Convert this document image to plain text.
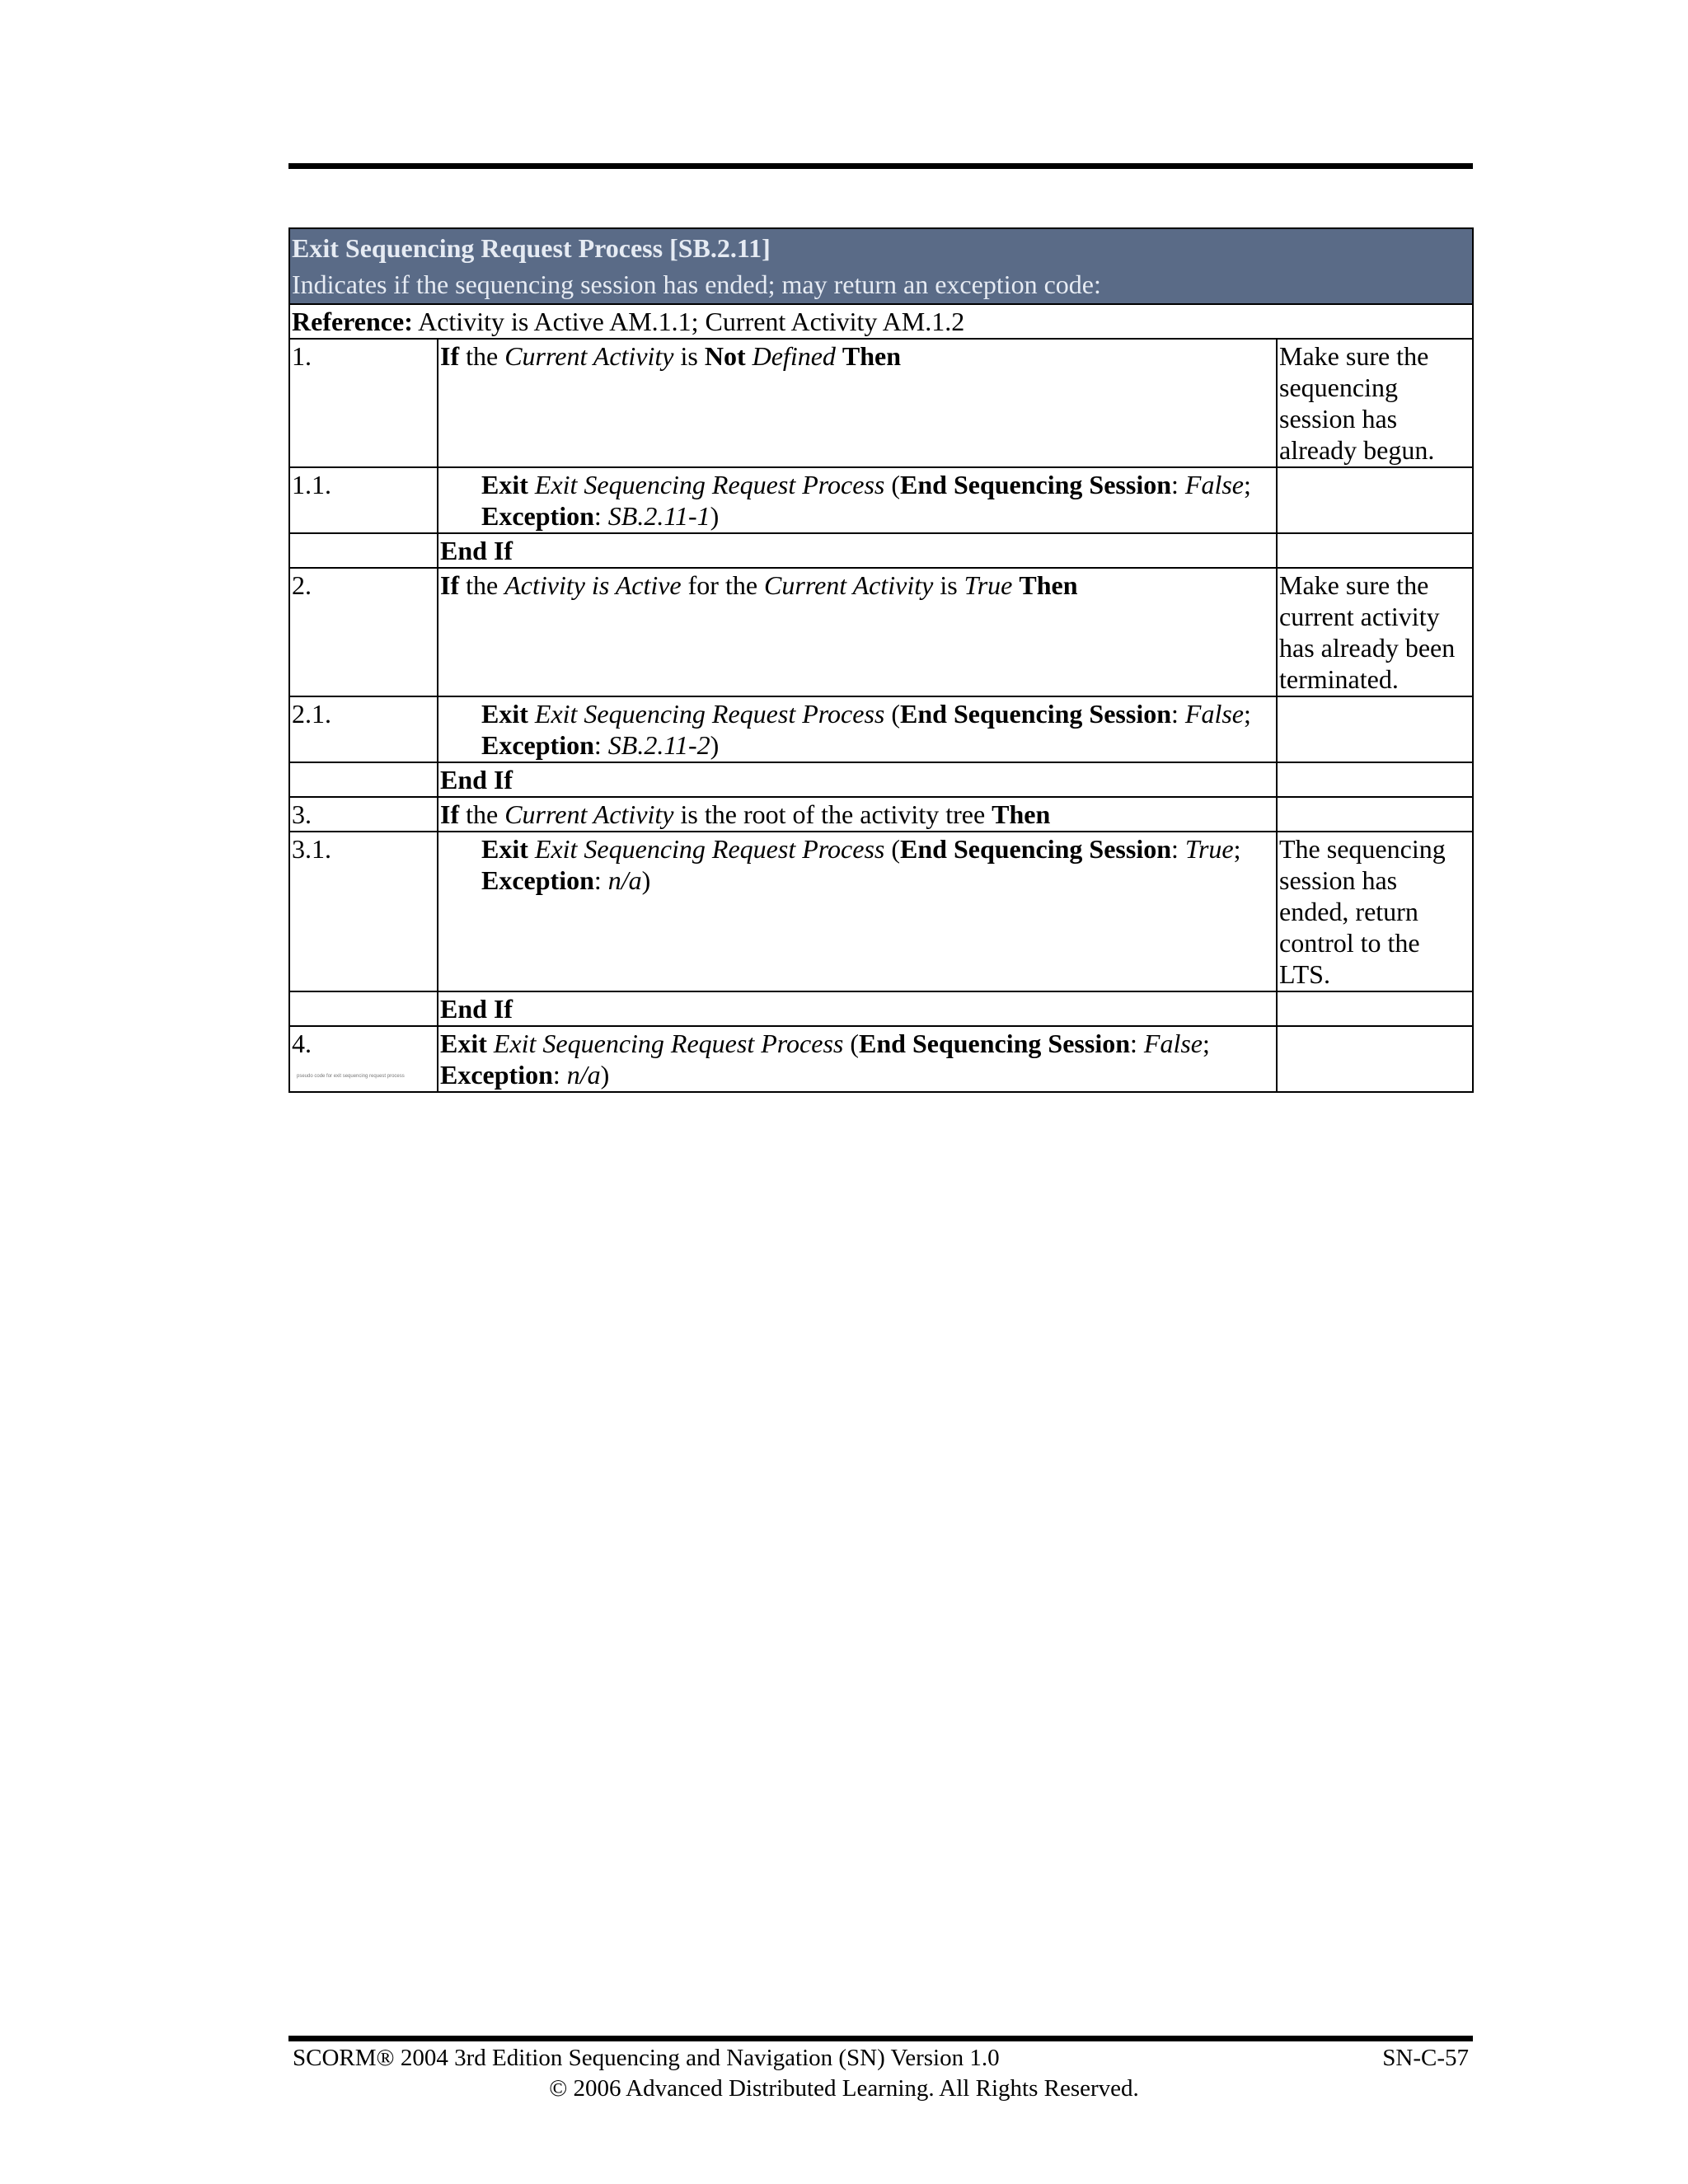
Exit Sequencing Request Process [SB.2.11]
Indicates if the sequencing session has ended; may return an exception code:		

Reference: Activity is Active AM.1.1; Current Activity AM.1.2		
1.	If the Current Activity is Not Defined Then	Make sure the sequencing session has already begun.
1.1.	Exit Exit Sequencing Request Process (End Sequencing Session: False; Exception: SB.2.11-1)	
	End If	
2.	If the Activity is Active for the Current Activity is True Then	Make sure the current activity has already been terminated.
2.1.	Exit Exit Sequencing Request Process (End Sequencing Session: False; Exception: SB.2.11-2)	
	End If	
3.	If the Current Activity is the root of the activity tree Then	
3.1.	Exit Exit Sequencing Request Process (End Sequencing Session: True; Exception: n/a)	The sequencing session has ended, return control to the LTS.
	End If	
4.	Exit Exit Sequencing Request Process (End Sequencing Session: False; Exception: n/a)	
pseudo code for exit sequencing request process
SCORM® 2004 3rd Edition Sequencing and Navigation (SN) Version 1.0	SN-C-57
© 2006 Advanced Distributed Learning. All Rights Reserved.
